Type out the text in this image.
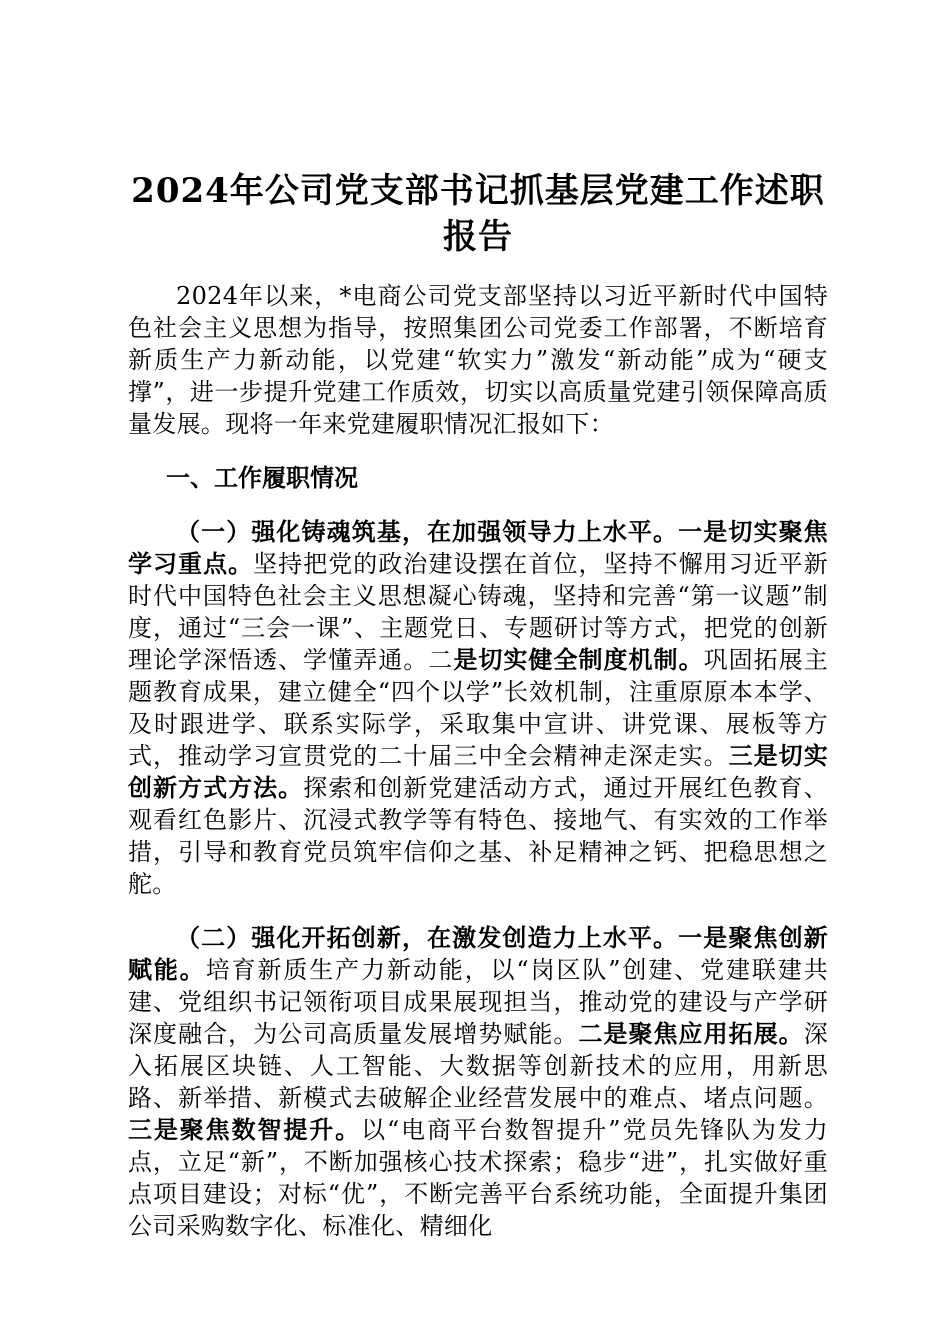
2024年公司党支部书记抓基层党建工作述职报告

2024年以来，*电商公司党支部坚持以习近平新时代中国特色社会主义思想为指导，按照集团公司党委工作部署，不断培育新质生产力新动能，以党建“软实力”激发“新动能”成为“硬支撑”，进一步提升党建工作质效，切实以高质量党建引领保障高质量发展。现将一年来党建履职情况汇报如下：

一、工作履职情况

（一）强化铸魂筑基，在加强领导力上水平。一是切实聚焦学习重点。坚持把党的政治建设摆在首位，坚持不懈用习近平新时代中国特色社会主义思想凝心铸魂，坚持和完善“第一议题”制度，通过“三会一课”、主题党日、专题研讨等方式，把党的创新理论学深悟透、学懂弄通。二是切实健全制度机制。巩固拓展主题教育成果，建立健全“四个以学”长效机制，注重原原本本学、及时跟进学、联系实际学，采取集中宣讲、讲党课、展板等方式，推动学习宣贯党的二十届三中全会精神走深走实。三是切实创新方式方法。探索和创新党建活动方式，通过开展红色教育、观看红色影片、沉浸式教学等有特色、接地气、有实效的工作举措，引导和教育党员筑牢信仰之基、补足精神之钙、把稳思想之舵。

（二）强化开拓创新，在激发创造力上水平。一是聚焦创新赋能。培育新质生产力新动能，以“岗区队”创建、党建联建共建、党组织书记领衔项目成果展现担当，推动党的建设与产学研深度融合，为公司高质量发展增势赋能。二是聚焦应用拓展。深入拓展区块链、人工智能、大数据等创新技术的应用，用新思路、新举措、新模式去破解企业经营发展中的难点、堵点问题。三是聚焦数智提升。以“电商平台数智提升”党员先锋队为发力点，立足“新”，不断加强核心技术探索；稳步“进”，扎实做好重点项目建设；对标“优”，不断完善平台系统功能，全面提升集团公司采购数字化、标准化、精细化
